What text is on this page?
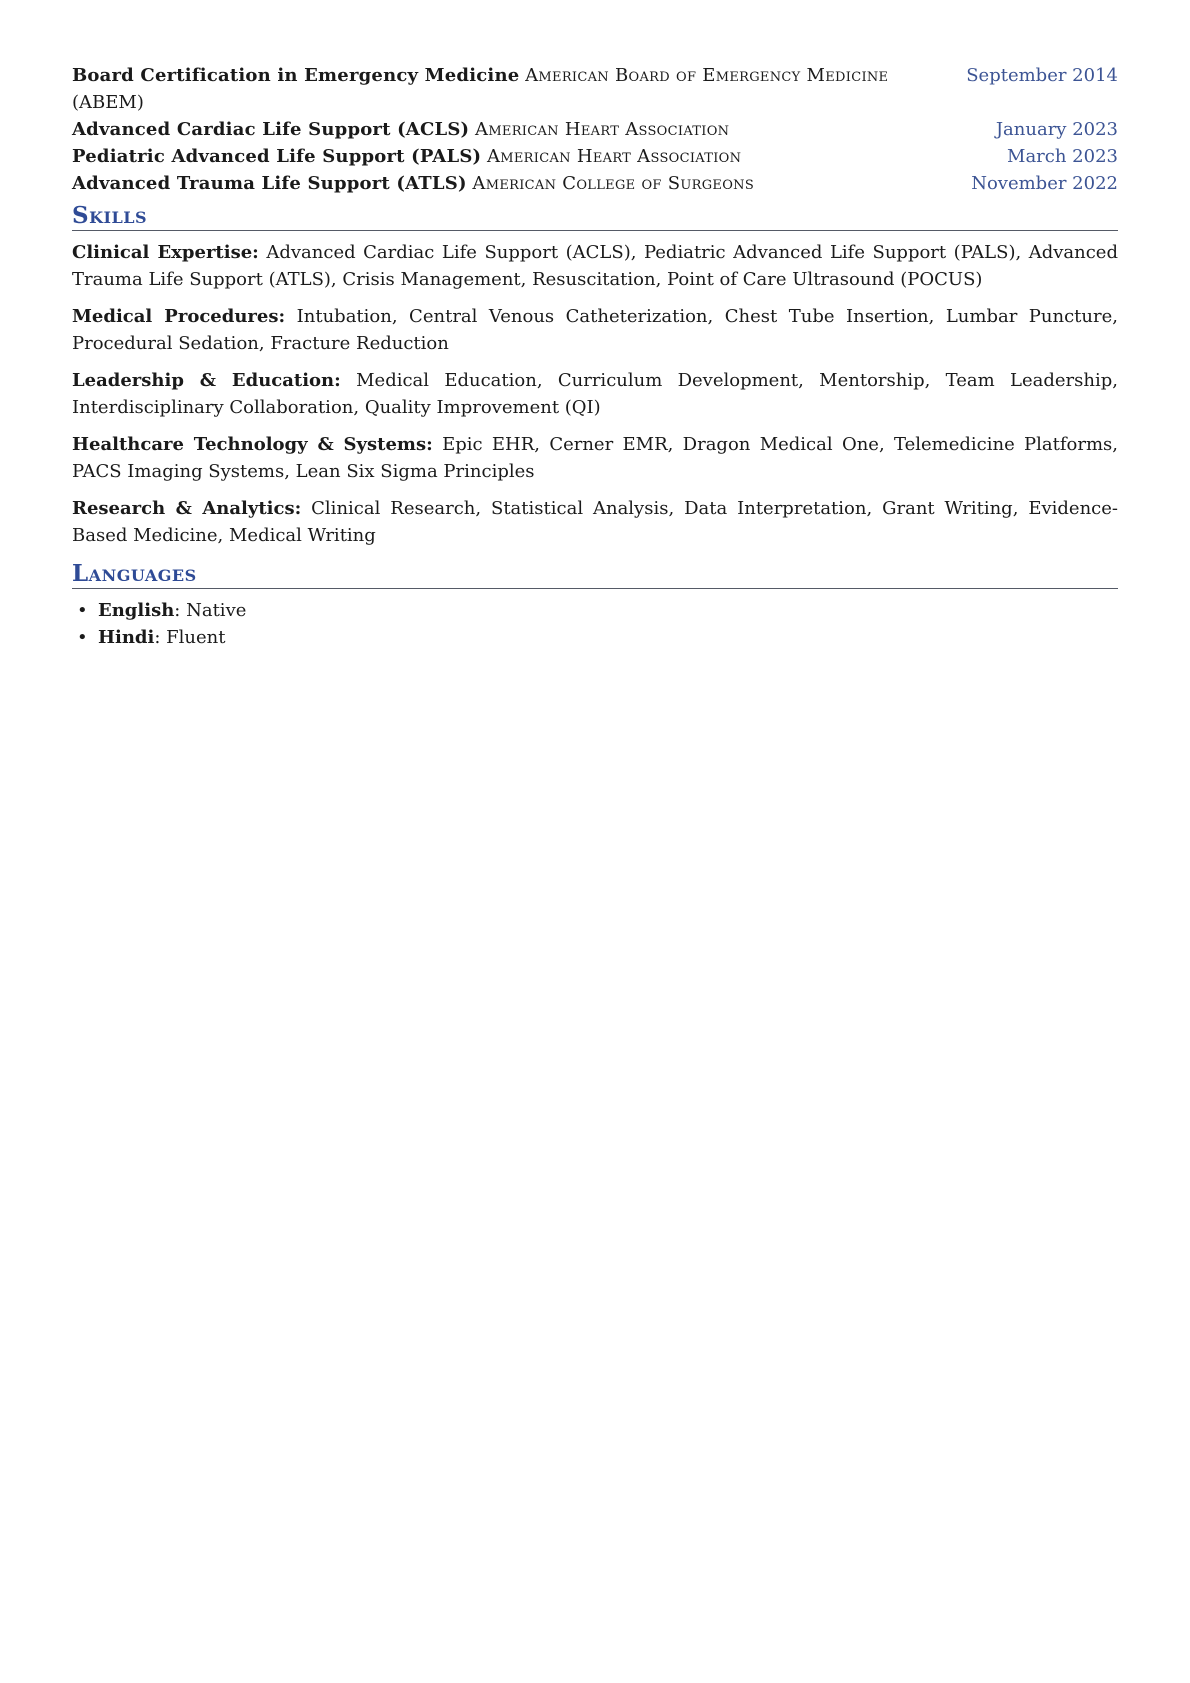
Board Certification in Emergency Medicine American Board of Emergency Medicine	September 2014
(ABEM)
Advanced Cardiac Life Support (ACLS) American Heart Association	January 2023
Pediatric Advanced Life Support (PALS) American Heart Association	March 2023
Advanced Trauma Life Support (ATLS) American College of Surgeons	November 2022
Skills
Clinical Expertise: Advanced Cardiac Life Support (ACLS), Pediatric Advanced Life Support (PALS), Advanced Trauma Life Support (ATLS), Crisis Management, Resuscitation, Point of Care Ultrasound (POCUS)
Medical Procedures: Intubation, Central Venous Catheterization, Chest Tube Insertion, Lumbar Puncture, Procedural Sedation, Fracture Reduction
Leadership & Education: Medical Education, Curriculum Development, Mentorship, Team Leadership, Interdisciplinary Collaboration, Quality Improvement (QI)
Healthcare Technology & Systems: Epic EHR, Cerner EMR, Dragon Medical One, Telemedicine Platforms, PACS Imaging Systems, Lean Six Sigma Principles
Research & Analytics: Clinical Research, Statistical Analysis, Data Interpretation, Grant Writing, Evidence-Based Medicine, Medical Writing
Languages
• English: Native
• Hindi: Fluent
